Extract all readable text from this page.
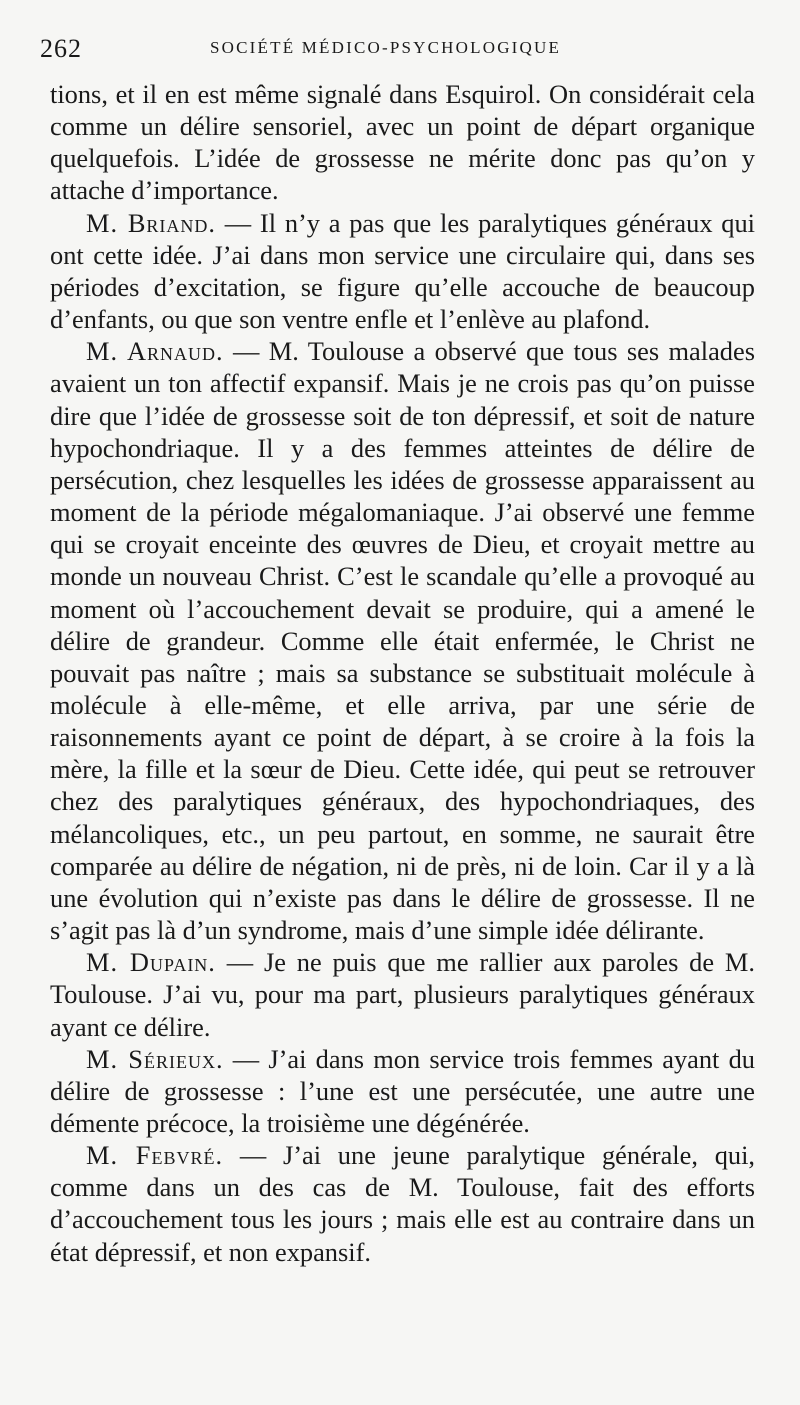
262	SOCIÉTÉ MÉDICO-PSYCHOLOGIQUE

tions, et il en est même signalé dans Esquirol. On considérait cela comme un délire sensoriel, avec un point de départ organique quelquefois. L’idée de grossesse ne mérite donc pas qu’on y attache d’importance.

M. Briand. — Il n’y a pas que les paralytiques généraux qui ont cette idée. J’ai dans mon service une circulaire qui, dans ses périodes d’excitation, se figure qu’elle accouche de beaucoup d’enfants, ou que son ventre enfle et l’enlève au plafond.

M. Arnaud. — M. Toulouse a observé que tous ses malades avaient un ton affectif expansif. Mais je ne crois pas qu’on puisse dire que l’idée de grossesse soit de ton dépressif, et soit de nature hypochondriaque. Il y a des femmes atteintes de délire de persécution, chez lesquelles les idées de grossesse apparaissent au moment de la période mégalomaniaque. J’ai observé une femme qui se croyait enceinte des œuvres de Dieu, et croyait mettre au monde un nouveau Christ. C’est le scandale qu’elle a provoqué au moment où l’accouchement devait se produire, qui a amené le délire de grandeur. Comme elle était enfermée, le Christ ne pouvait pas naître ; mais sa substance se substituait molécule à molécule à elle-même, et elle arriva, par une série de raisonnements ayant ce point de départ, à se croire à la fois la mère, la fille et la sœur de Dieu. Cette idée, qui peut se retrouver chez des paralytiques généraux, des hypochondriaques, des mélancoliques, etc., un peu partout, en somme, ne saurait être comparée au délire de négation, ni de près, ni de loin. Car il y a là une évolution qui n’existe pas dans le délire de grossesse. Il ne s’agit pas là d’un syndrome, mais d’une simple idée délirante.

M. Dupain. — Je ne puis que me rallier aux paroles de M. Toulouse. J’ai vu, pour ma part, plusieurs paralytiques généraux ayant ce délire.

M. Sérieux. — J’ai dans mon service trois femmes ayant du délire de grossesse : l’une est une persécutée, une autre une démente précoce, la troisième une dégénérée.

M. Febvré. — J’ai une jeune paralytique générale, qui, comme dans un des cas de M. Toulouse, fait des efforts d’accouchement tous les jours ; mais elle est au contraire dans un état dépressif, et non expansif.
